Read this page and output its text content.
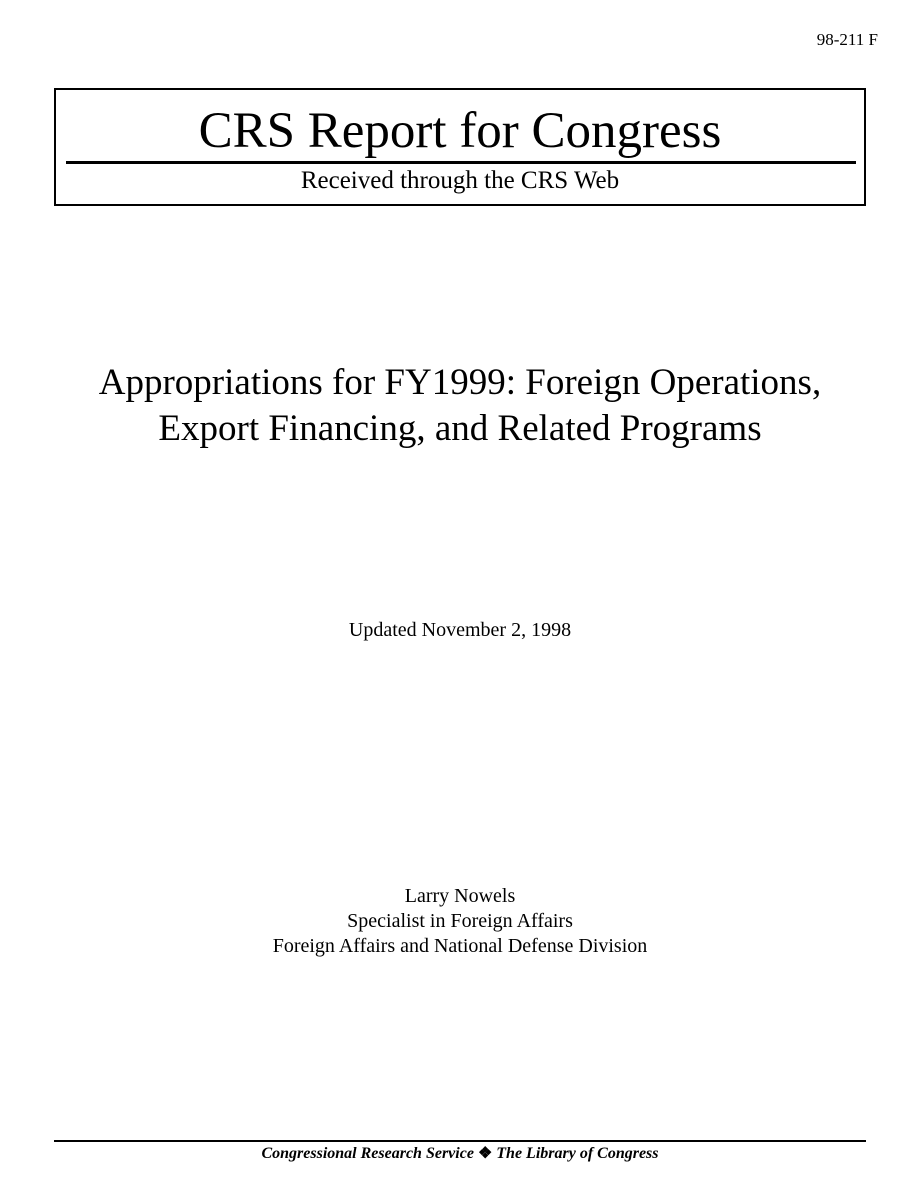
98-211 F
CRS Report for Congress
Received through the CRS Web
Appropriations for FY1999: Foreign Operations,
Export Financing, and Related Programs
Updated November 2, 1998
Larry Nowels
Specialist in Foreign Affairs
Foreign Affairs and National Defense Division
Congressional Research Service ❖ The Library of Congress
